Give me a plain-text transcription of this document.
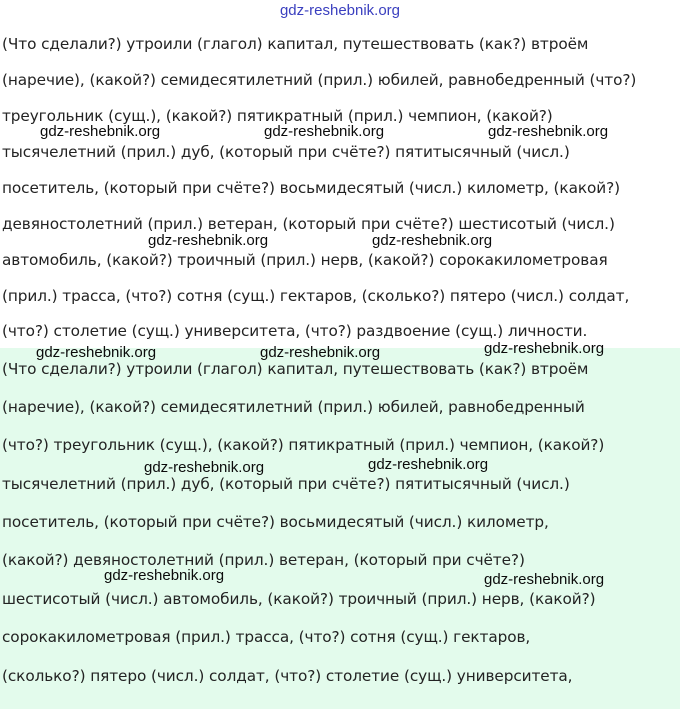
gdz-reshebnik.org
(Что сделали?) утроили (глагол) капитал, путешествовать (как?) втроём
(наречие), (какой?) семидесятилетний (прил.) юбилей, равнобедренный (что?)
треугольник (сущ.), (какой?) пятикратный (прил.) чемпион, (какой?)
тысячелетний (прил.) дуб, (который при счёте?) пятитысячный (числ.)
посетитель, (который при счёте?) восьмидесятый (числ.) километр, (какой?)
девяностолетний (прил.) ветеран, (который при счёте?) шестисотый (числ.)
автомобиль, (какой?) троичный (прил.) нерв, (какой?) сорокакилометровая
(прил.) трасса, (что?) сотня (сущ.) гектаров, (сколько?) пятеро (числ.) солдат,
(что?) столетие (сущ.) университета, (что?) раздвоение (сущ.) личности.
(Что сделали?) утроили (глагол) капитал, путешествовать (как?) втроём
(наречие), (какой?) семидесятилетний (прил.) юбилей, равнобедренный
(что?) треугольник (сущ.), (какой?) пятикратный (прил.) чемпион, (какой?)
тысячелетний (прил.) дуб, (который при счёте?) пятитысячный (числ.)
посетитель, (который при счёте?) восьмидесятый (числ.) километр,
(какой?) девяностолетний (прил.) ветеран, (который при счёте?)
шестисотый (числ.) автомобиль, (какой?) троичный (прил.) нерв, (какой?)
сорокакилометровая (прил.) трасса, (что?) сотня (сущ.) гектаров,
(сколько?) пятеро (числ.) солдат, (что?) столетие (сущ.) университета,
gdz-reshebnik.org	gdz-reshebnik.org	gdz-reshebnik.org
gdz-reshebnik.org	gdz-reshebnik.org
gdz-reshebnik.org	gdz-reshebnik.org	gdz-reshebnik.org
gdz-reshebnik.org	gdz-reshebnik.org
gdz-reshebnik.org	gdz-reshebnik.org
